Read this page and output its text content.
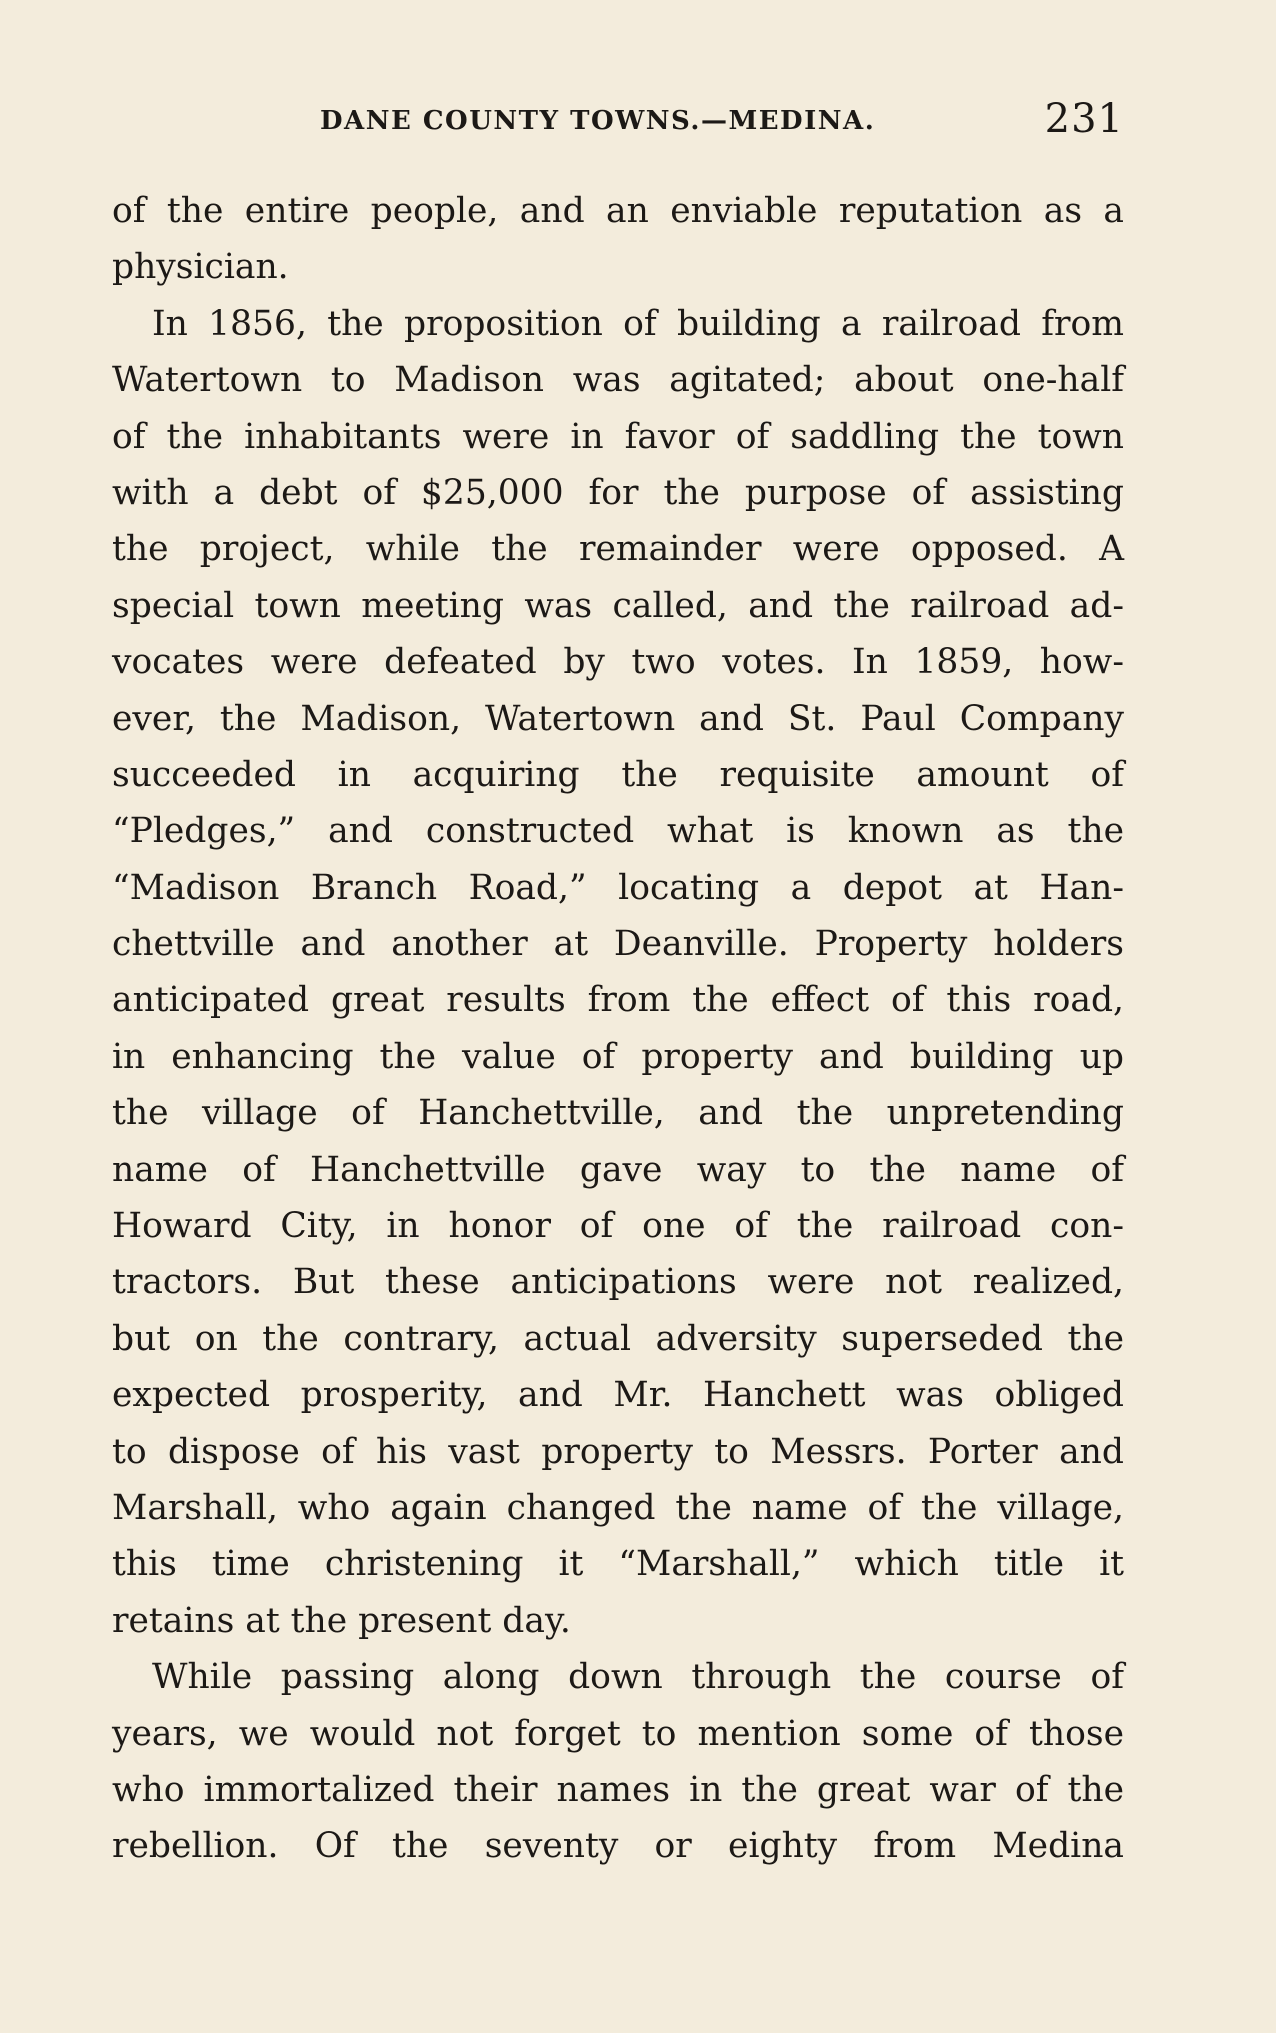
DANE COUNTY TOWNS.—MEDINA.	231
of the entire people, and an enviable reputation as a
physician.
In 1856, the proposition of building a railroad from
Watertown to Madison was agitated; about one-half
of the inhabitants were in favor of saddling the town
with a debt of $25,000 for the purpose of assisting
the project, while the remainder were opposed. A
special town meeting was called, and the railroad ad-
vocates were defeated by two votes. In 1859, how-
ever, the Madison, Watertown and St. Paul Company
succeeded in acquiring the requisite amount of
“Pledges,” and constructed what is known as the
“Madison Branch Road,” locating a depot at Han-
chettville and another at Deanville. Property holders
anticipated great results from the effect of this road,
in enhancing the value of property and building up
the village of Hanchettville, and the unpretending
name of Hanchettville gave way to the name of
Howard City, in honor of one of the railroad con-
tractors. But these anticipations were not realized,
but on the contrary, actual adversity superseded the
expected prosperity, and Mr. Hanchett was obliged
to dispose of his vast property to Messrs. Porter and
Marshall, who again changed the name of the village,
this time christening it “Marshall,” which title it
retains at the present day.
While passing along down through the course of
years, we would not forget to mention some of those
who immortalized their names in the great war of the
rebellion. Of the seventy or eighty from Medina
